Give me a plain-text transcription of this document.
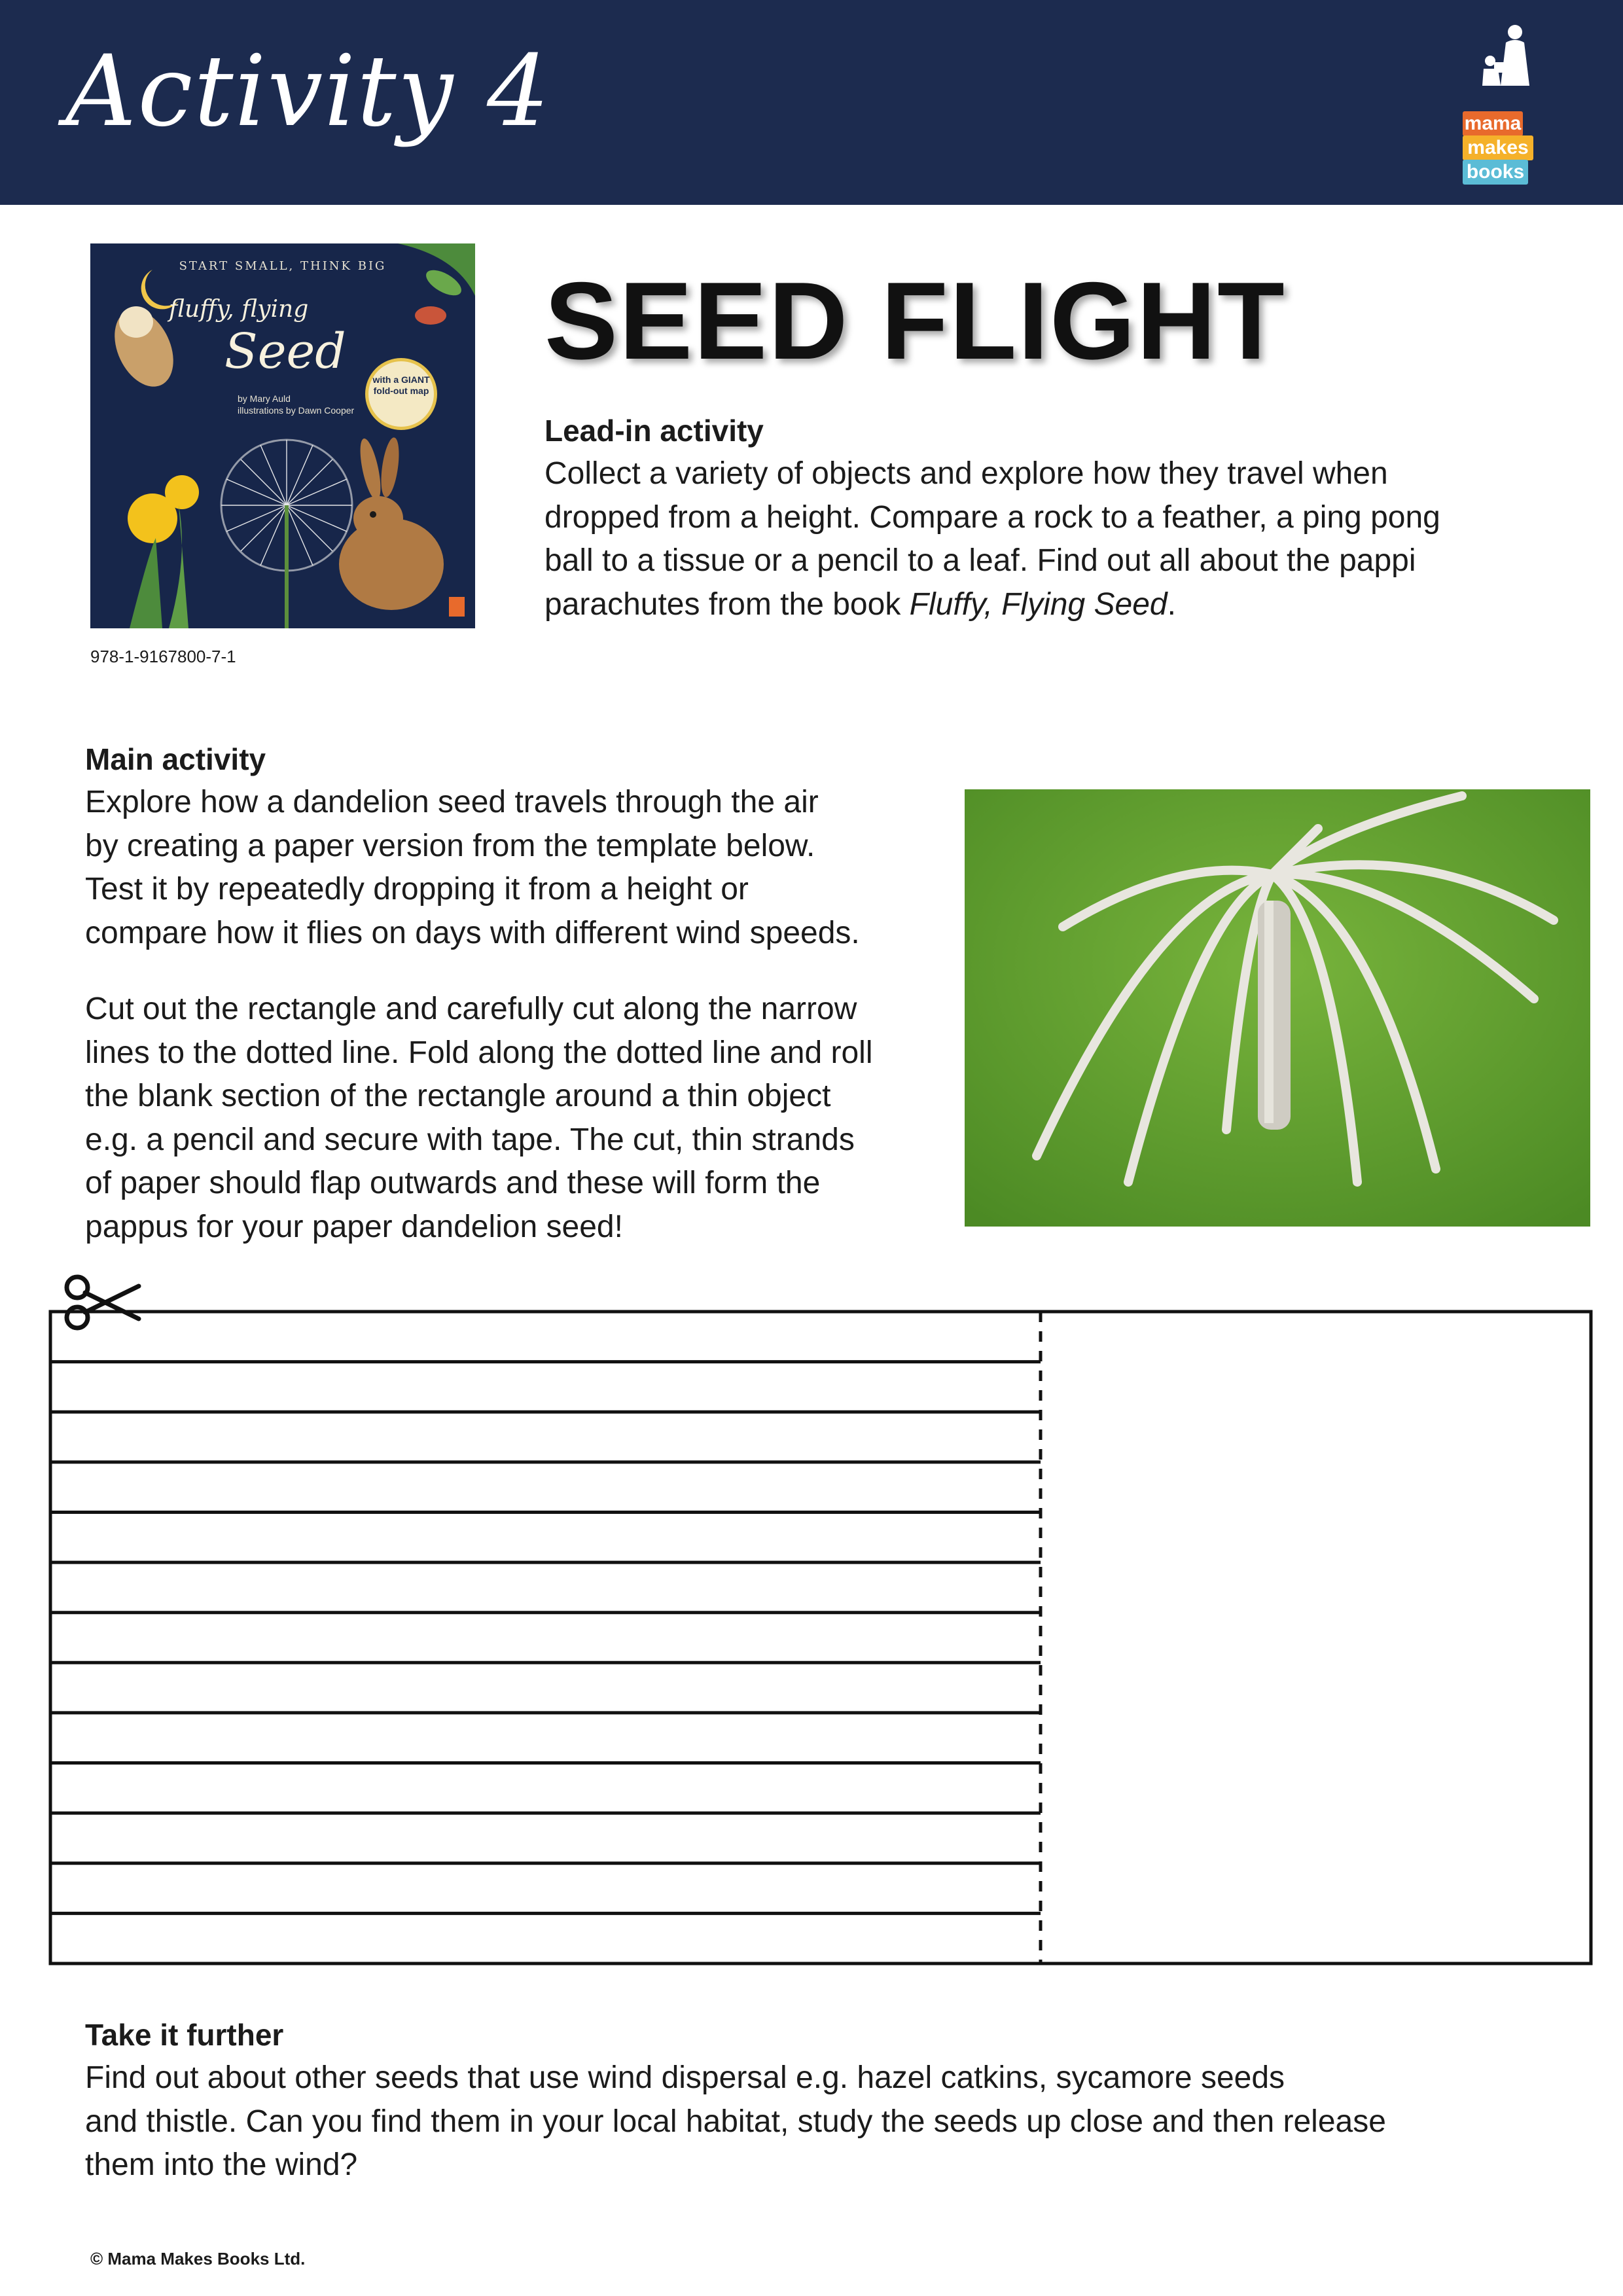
Activity 4	mama
makes
books
START SMALL, THINK BIG
fluffy, flying
Seed
by Mary Auld
illustrations by Dawn Cooper
with a GIANT fold-out map
978-1-9167800-7-1
SEED FLIGHT
Lead-in activity
Collect a variety of objects and explore how they travel when
dropped from a height. Compare a rock to a feather, a ping pong
ball to a tissue or a pencil to a leaf. Find out all about the pappi
parachutes from the book Fluffy, Flying Seed.
Main activity
Explore how a dandelion seed travels through the air
by creating a paper version from the template below.
Test it by repeatedly dropping it from a height or
compare how it flies on days with different wind speeds.
Cut out the rectangle and carefully cut along the narrow
lines to the dotted line. Fold along the dotted line and roll
the blank section of the rectangle around a thin object
e.g. a pencil and secure with tape. The cut, thin strands
of paper should flap outwards and these will form the
pappus for your paper dandelion seed!
Take it further
Find out about other seeds that use wind dispersal e.g. hazel catkins, sycamore seeds
and thistle. Can you find them in your local habitat, study the seeds up close and then release
them into the wind?
© Mama Makes Books Ltd.
